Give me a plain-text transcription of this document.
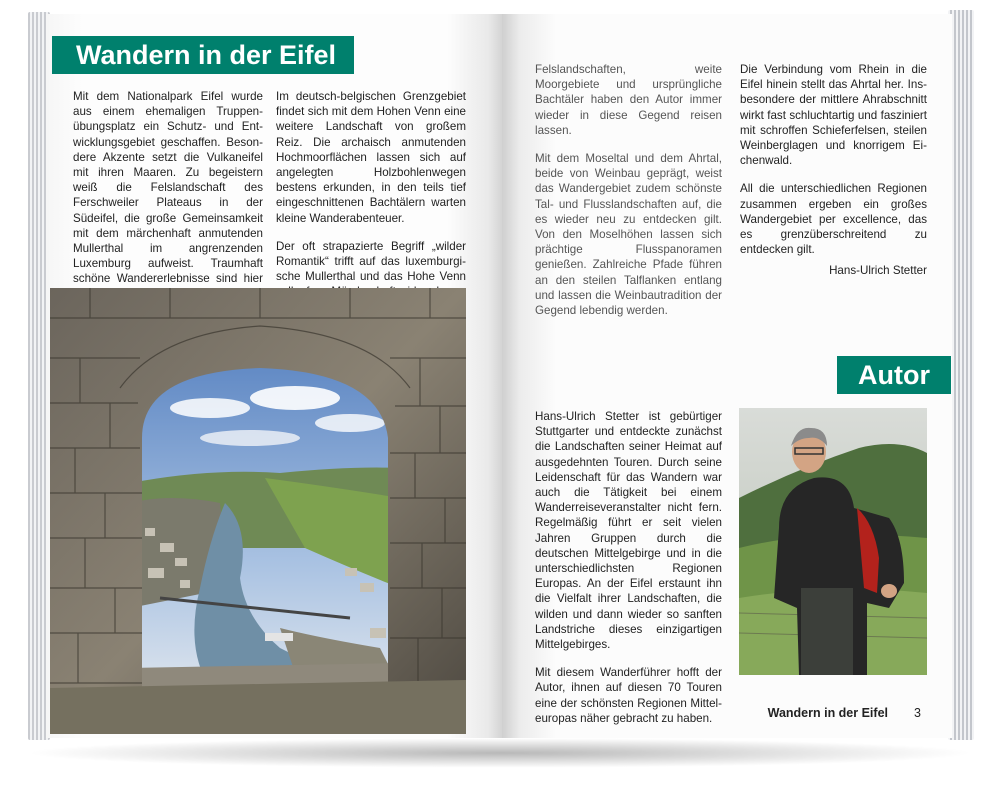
Wandern in der Eifel

Mit dem Nationalpark Eifel wurde aus einem ehemaligen Truppenübungsplatz ein Schutz- und Entwicklungsgebiet geschaffen. Besondere Akzente setzt die Vulkaneifel mit ihren Maaren. Zu begeistern weiß die Felslandschaft des Ferschweiler Plateaus in der Südeifel, die große Gemeinsamkeit mit dem märchenhaft anmutenden Mullerthal im angrenzenden Luxemburg aufweist. Traumhaft schöne Wandererlebnisse sind hier

Im deutsch-belgischen Grenzgebiet findet sich mit dem Hohen Venn eine weitere Landschaft von großem Reiz. Die archaisch anmutenden Hochmoorflächen lassen sich auf angelegten Holzbohlenwegen bestens erkunden, in den teils tief eingeschnittenen Bachtälern warten kleine Wanderabenteuer.

Der oft strapazierte Begriff „wilder Romantik“ trifft auf das luxemburgische Mullerthal und das Hohe Venn

Felslandschaften, weite Moorgebiete und ursprüngliche Bachtäler haben den Autor immer wieder in diese Gegend reisen lassen.

Mit dem Moseltal und dem Ahrtal, beide von Weinbau geprägt, weist das Wandergebiet zudem schönste Tal- und Flusslandschaften auf, die es wieder neu zu entdecken gilt. Von den Moselhöhen lassen sich prächtige Flusspanoramen genießen. Zahlreiche Pfade führen an den steilen Talflanken entlang und lassen die Weinbautradition der Gegend lebendig werden.

Die Verbindung vom Rhein in die Eifel hinein stellt das Ahrtal her. Insbesondere der mittlere Ahrabschnitt wirkt fast schluchtartig und fasziniert mit schroffen Schieferfelsen, steilen Weinberglagen und knorrigem Eichenwald.

All die unterschiedlichen Regionen zusammen ergeben ein großes Wandergebiet per excellence, das es grenzüberschreitend zu entdecken gilt.

Hans-Ulrich Stetter
Autor

Hans-Ulrich Stetter ist gebürtiger Stuttgarter und entdeckte zunächst die Landschaften seiner Heimat auf ausgedehnten Touren. Durch seine Leidenschaft für das Wandern war auch die Tätigkeit bei einem Wanderreiseveranstalter nicht fern. Regelmäßig führt er seit vielen Jahren Gruppen durch die deutschen Mittelgebirge und in die unterschiedlichsten Regionen Europas. An der Eifel erstaunt ihn die Vielfalt ihrer Landschaften, die wilden und dann wieder so sanften Landstriche dieses einzigartigen Mittelgebirges.

Mit diesem Wanderführer hofft der Autor, ihnen auf diesen 70 Touren eine der schönsten Regionen Mitteleuropas näher gebracht zu haben.	Wandern in der Eifel 3
